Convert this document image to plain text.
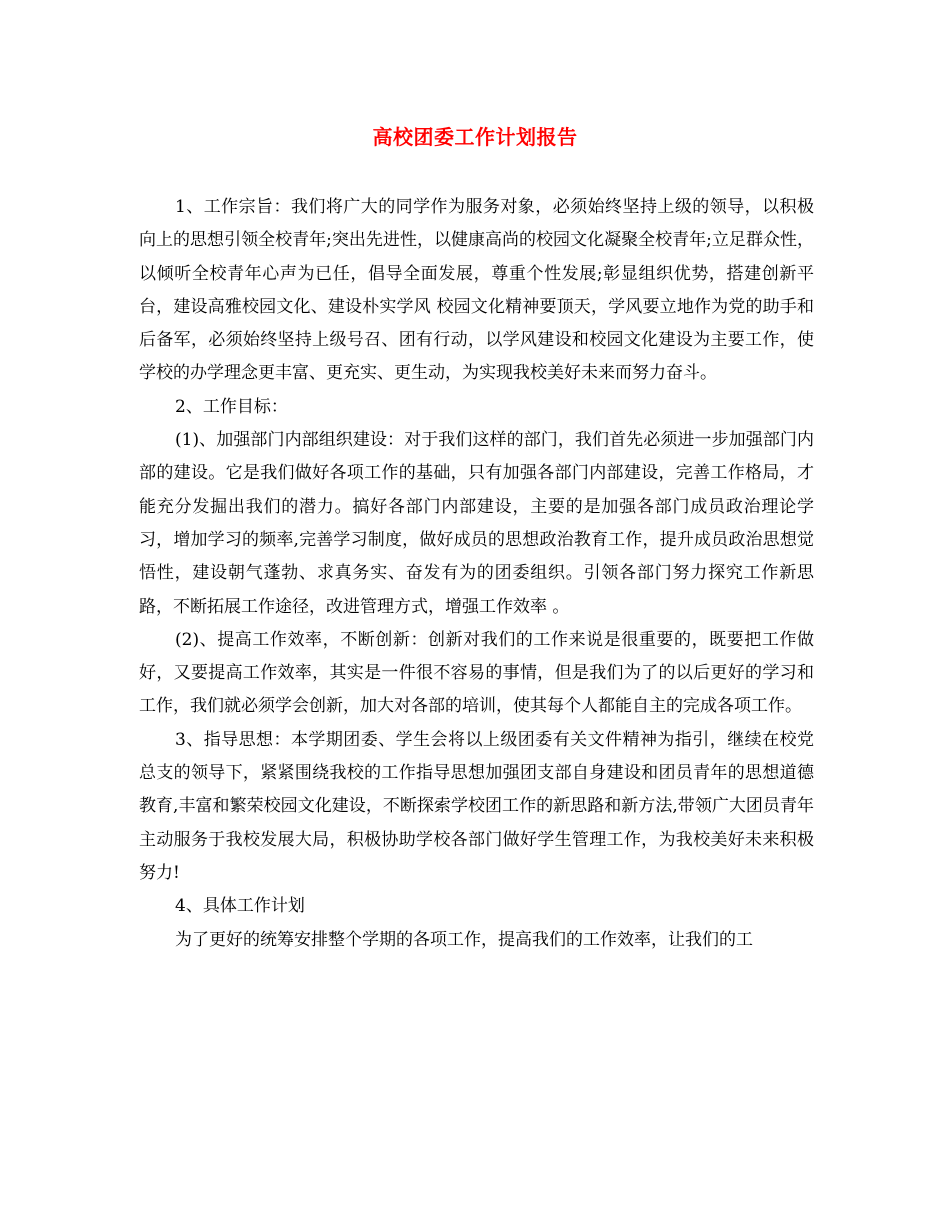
高校团委工作计划报告

1、工作宗旨：我们将广大的同学作为服务对象，必须始终坚持上级的领导，以积极向上的思想引领全校青年;突出先进性，以健康高尚的校园文化凝聚全校青年;立足群众性，以倾听全校青年心声为已任，倡导全面发展，尊重个性发展;彰显组织优势，搭建创新平台，建设高雅校园文化、建设朴实学风 校园文化精神要顶天，学风要立地作为党的助手和后备军，必须始终坚持上级号召、团有行动，以学风建设和校园文化建设为主要工作，使学校的办学理念更丰富、更充实、更生动，为实现我校美好未来而努力奋斗。

2、工作目标：

(1)、加强部门内部组织建设：对于我们这样的部门，我们首先必须进一步加强部门内部的建设。它是我们做好各项工作的基础，只有加强各部门内部建设，完善工作格局，才能充分发掘出我们的潜力。搞好各部门内部建设，主要的是加强各部门成员政治理论学习，增加学习的频率,完善学习制度，做好成员的思想政治教育工作，提升成员政治思想觉悟性，建设朝气蓬勃、求真务实、奋发有为的团委组织。引领各部门努力探究工作新思路，不断拓展工作途径，改进管理方式，增强工作效率 。

(2)、提高工作效率，不断创新：创新对我们的工作来说是很重要的，既要把工作做好，又要提高工作效率，其实是一件很不容易的事情，但是我们为了的以后更好的学习和工作，我们就必须学会创新，加大对各部的培训，使其每个人都能自主的完成各项工作。

3、指导思想：本学期团委、学生会将以上级团委有关文件精神为指引，继续在校党总支的领导下，紧紧围绕我校的工作指导思想加强团支部自身建设和团员青年的思想道德教育,丰富和繁荣校园文化建设，不断探索学校团工作的新思路和新方法,带领广大团员青年主动服务于我校发展大局，积极协助学校各部门做好学生管理工作，为我校美好未来积极努力!

4、具体工作计划

为了更好的统筹安排整个学期的各项工作，提高我们的工作效率，让我们的工
